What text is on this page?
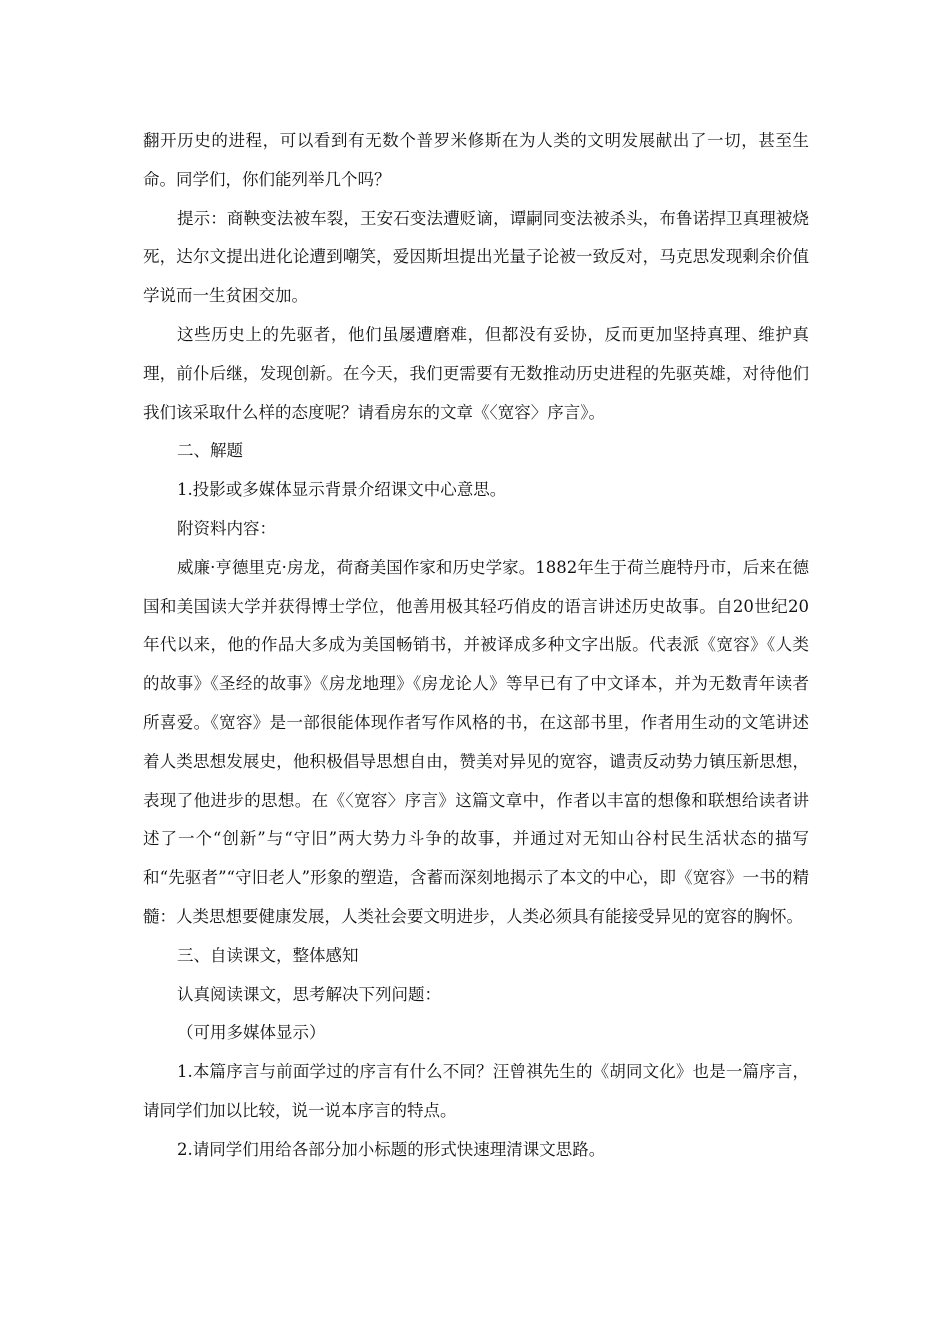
翻开历史的进程，可以看到有无数个普罗米修斯在为人类的文明发展献出了一切，甚至生命。同学们，你们能列举几个吗？

提示：商鞅变法被车裂，王安石变法遭贬谪，谭嗣同变法被杀头，布鲁诺捍卫真理被烧死，达尔文提出进化论遭到嘲笑，爱因斯坦提出光量子论被一致反对，马克思发现剩余价值学说而一生贫困交加。

这些历史上的先驱者，他们虽屡遭磨难，但都没有妥协，反而更加坚持真理、维护真理，前仆后继，发现创新。在今天，我们更需要有无数推动历史进程的先驱英雄，对待他们我们该采取什么样的态度呢？请看房东的文章《〈宽容〉序言》。

二、解题

1.投影或多媒体显示背景介绍课文中心意思。

附资料内容：

威廉·亨德里克·房龙，荷裔美国作家和历史学家。1882年生于荷兰鹿特丹市，后来在德国和美国读大学并获得博士学位，他善用极其轻巧俏皮的语言讲述历史故事。自20世纪20年代以来，他的作品大多成为美国畅销书，并被译成多种文字出版。代表派《宽容》《人类的故事》《圣经的故事》《房龙地理》《房龙论人》等早已有了中文译本，并为无数青年读者所喜爱。《宽容》是一部很能体现作者写作风格的书，在这部书里，作者用生动的文笔讲述着人类思想发展史，他积极倡导思想自由，赞美对异见的宽容，谴责反动势力镇压新思想，表现了他进步的思想。在《〈宽容〉序言》这篇文章中，作者以丰富的想像和联想给读者讲述了一个“创新”与“守旧”两大势力斗争的故事，并通过对无知山谷村民生活状态的描写和“先驱者”“守旧老人”形象的塑造，含蓄而深刻地揭示了本文的中心，即《宽容》一书的精髓：人类思想要健康发展，人类社会要文明进步，人类必须具有能接受异见的宽容的胸怀。

三、自读课文，整体感知

认真阅读课文，思考解决下列问题：

（可用多媒体显示）

1.本篇序言与前面学过的序言有什么不同？汪曾祺先生的《胡同文化》也是一篇序言，请同学们加以比较，说一说本序言的特点。

2.请同学们用给各部分加小标题的形式快速理清课文思路。
